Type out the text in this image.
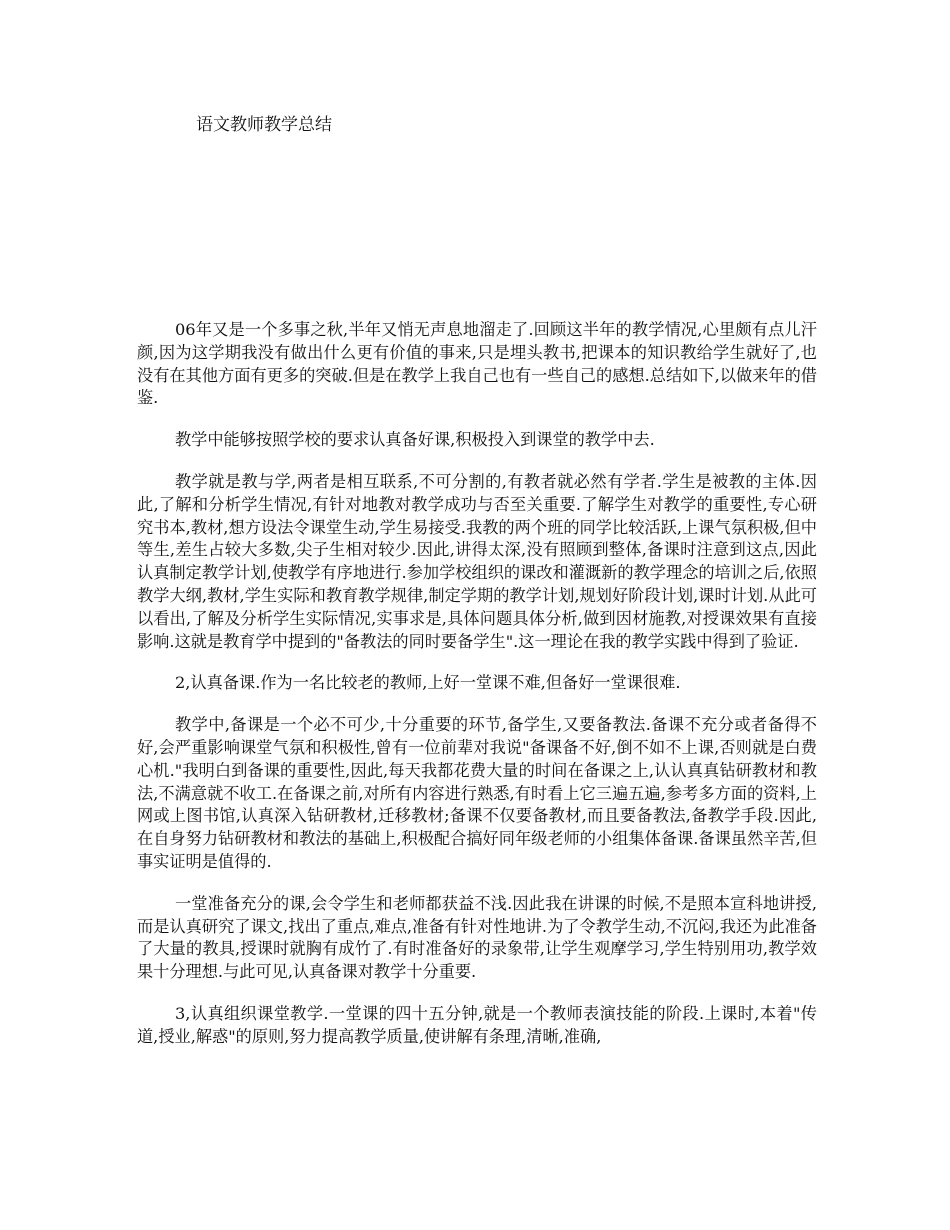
语文教师教学总结

06年又是一个多事之秋,半年又悄无声息地溜走了.回顾这半年的教学情况,心里颇有点儿汗颜,因为这学期我没有做出什么更有价值的事来,只是埋头教书,把课本的知识教给学生就好了,也没有在其他方面有更多的突破.但是在教学上我自己也有一些自己的感想.总结如下,以做来年的借鉴.

教学中能够按照学校的要求认真备好课,积极投入到课堂的教学中去.

教学就是教与学,两者是相互联系,不可分割的,有教者就必然有学者.学生是被教的主体.因此,了解和分析学生情况,有针对地教对教学成功与否至关重要.了解学生对教学的重要性,专心研究书本,教材,想方设法令课堂生动,学生易接受.我教的两个班的同学比较活跃,上课气氛积极,但中等生,差生占较大多数,尖子生相对较少.因此,讲得太深,没有照顾到整体,备课时注意到这点,因此认真制定教学计划,使教学有序地进行.参加学校组织的课改和灌溉新的教学理念的培训之后,依照教学大纲,教材,学生实际和教育教学规律,制定学期的教学计划,规划好阶段计划,课时计划.从此可以看出,了解及分析学生实际情况,实事求是,具体问题具体分析,做到因材施教,对授课效果有直接影响.这就是教育学中提到的"备教法的同时要备学生".这一理论在我的教学实践中得到了验证.

2,认真备课.作为一名比较老的教师,上好一堂课不难,但备好一堂课很难.

教学中,备课是一个必不可少,十分重要的环节,备学生,又要备教法.备课不充分或者备得不好,会严重影响课堂气氛和积极性,曾有一位前辈对我说"备课备不好,倒不如不上课,否则就是白费心机."我明白到备课的重要性,因此,每天我都花费大量的时间在备课之上,认认真真钻研教材和教法,不满意就不收工.在备课之前,对所有内容进行熟悉,有时看上它三遍五遍,参考多方面的资料,上网或上图书馆,认真深入钻研教材,迁移教材;备课不仅要备教材,而且要备教法,备教学手段.因此,在自身努力钻研教材和教法的基础上,积极配合搞好同年级老师的小组集体备课.备课虽然辛苦,但事实证明是值得的.

一堂准备充分的课,会令学生和老师都获益不浅.因此我在讲课的时候,不是照本宣科地讲授,而是认真研究了课文,找出了重点,难点,准备有针对性地讲.为了令教学生动,不沉闷,我还为此准备了大量的教具,授课时就胸有成竹了.有时准备好的录象带,让学生观摩学习,学生特别用功,教学效果十分理想.与此可见,认真备课对教学十分重要.

3,认真组织课堂教学.一堂课的四十五分钟,就是一个教师表演技能的阶段.上课时,本着"传道,授业,解惑"的原则,努力提高教学质量,使讲解有条理,清晰,准确,
